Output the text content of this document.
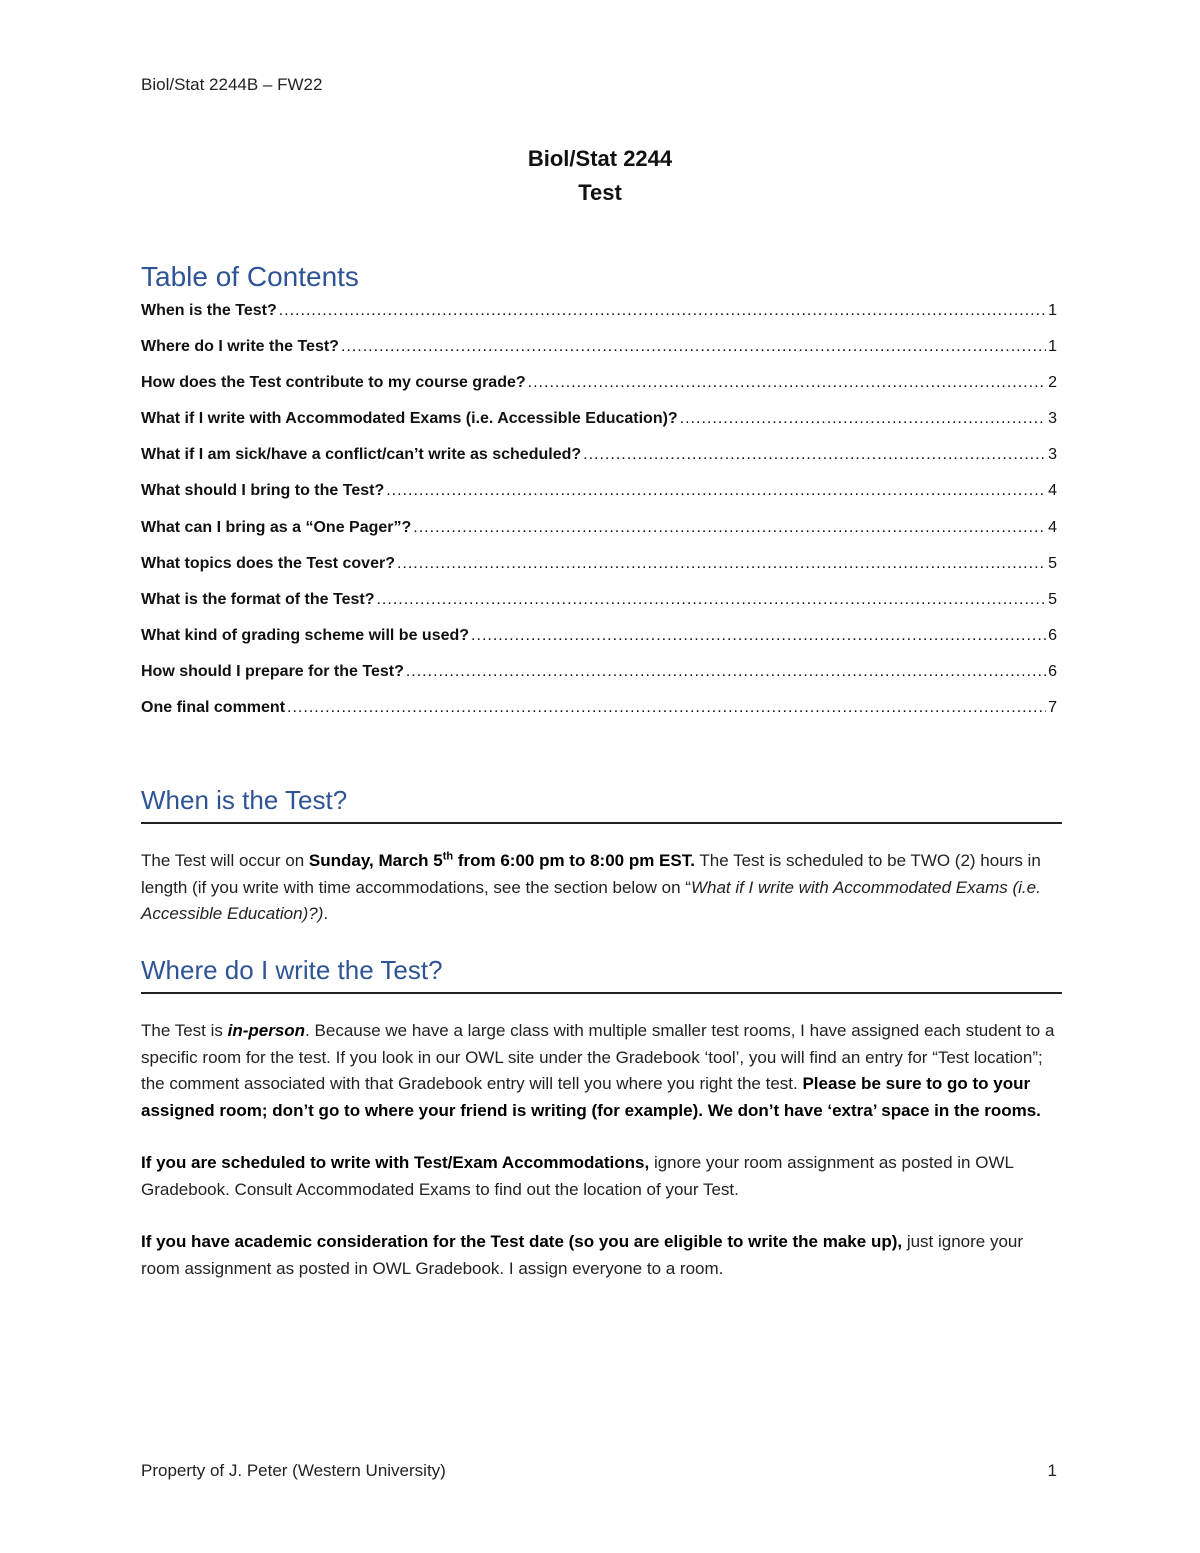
Biol/Stat 2244B – FW22
Biol/Stat 2244
Test
Table of Contents
When is the Test? .....	1
Where do I write the Test? .....	1
How does the Test contribute to my course grade? .....	2
What if I write with Accommodated Exams (i.e. Accessible Education)? .....	3
What if I am sick/have a conflict/can’t write as scheduled? .....	3
What should I bring to the Test? .....	4
What can I bring as a “One Pager”? .....	4
What topics does the Test cover? .....	5
What is the format of the Test? .....	5
What kind of grading scheme will be used? .....	6
How should I prepare for the Test? .....	6
One final comment .....	7
When is the Test?

The Test will occur on Sunday, March 5th from 6:00 pm to 8:00 pm EST. The Test is scheduled to be TWO (2) hours in length (if you write with time accommodations, see the section below on “What if I write with Accommodated Exams (i.e. Accessible Education)?).

Where do I write the Test?

The Test is in-person. Because we have a large class with multiple smaller test rooms, I have assigned each student to a specific room for the test. If you look in our OWL site under the Gradebook ‘tool’, you will find an entry for “Test location”; the comment associated with that Gradebook entry will tell you where you right the test. Please be sure to go to your assigned room; don’t go to where your friend is writing (for example). We don’t have ‘extra’ space in the rooms.

If you are scheduled to write with Test/Exam Accommodations, ignore your room assignment as posted in OWL Gradebook. Consult Accommodated Exams to find out the location of your Test.

If you have academic consideration for the Test date (so you are eligible to write the make up), just ignore your room assignment as posted in OWL Gradebook. I assign everyone to a room.

Property of J. Peter (Western University)	1
